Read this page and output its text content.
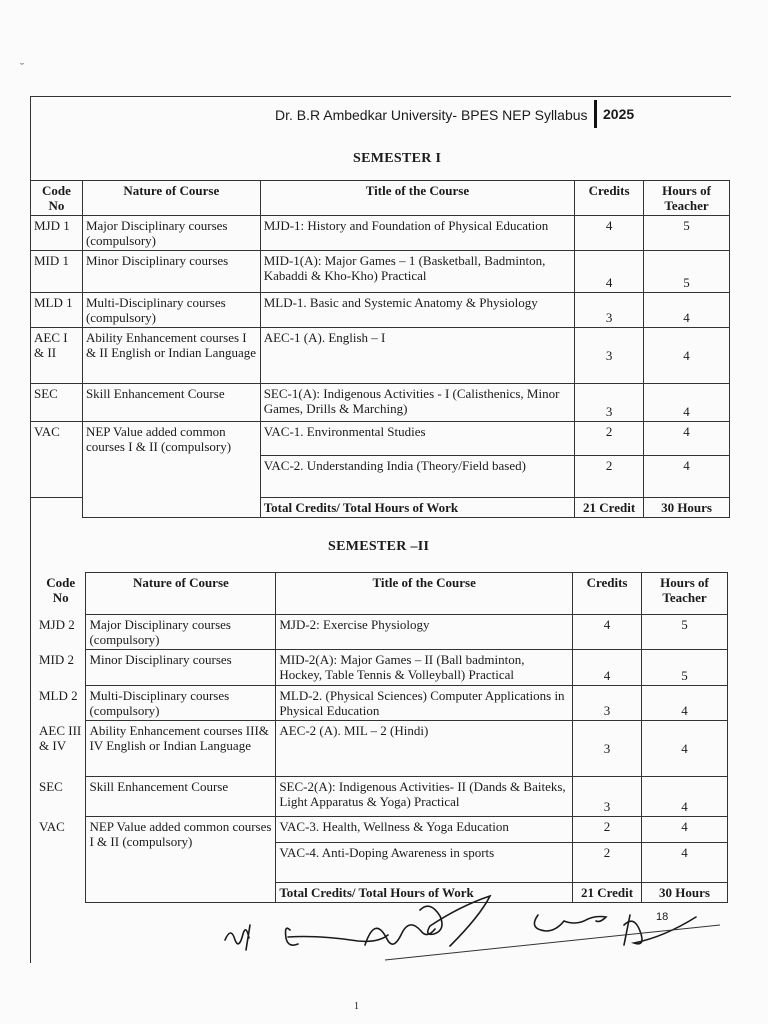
˘
Dr. B.R Ambedkar University- BPES NEP Syllabus 2025
SEMESTER I
Code No	Nature of Course	Title of the Course	Credits	Hours of Teacher
MJD 1	Major Disciplinary courses (compulsory)	MJD-1: History and Foundation of Physical Education	4	5
MID 1	Minor Disciplinary courses	MID-1(A): Major Games – 1 (Basketball, Badminton, Kabaddi & Kho-Kho) Practical	4	5
MLD 1	Multi-Disciplinary courses (compulsory)	MLD-1. Basic and Systemic Anatomy & Physiology	3	4
AEC I & II	Ability Enhancement courses I & II English or Indian Language	AEC-1 (A). English – I	3	4
SEC	Skill Enhancement Course	SEC-1(A): Indigenous Activities - I (Calisthenics, Minor Games, Drills & Marching)	3	4
VAC	NEP Value added common courses I & II (compulsory)	VAC-1. Environmental Studies	2	4
		VAC-2. Understanding India (Theory/Field based)	2	4
		Total Credits/ Total Hours of Work	21 Credit	30 Hours
SEMESTER –II
Code No	Nature of Course	Title of the Course	Credits	Hours of Teacher
MJD 2	Major Disciplinary courses (compulsory)	MJD-2: Exercise Physiology	4	5
MID 2	Minor Disciplinary courses	MID-2(A): Major Games – II (Ball badminton, Hockey, Table Tennis & Volleyball) Practical	4	5
MLD 2	Multi-Disciplinary courses (compulsory)	MLD-2. (Physical Sciences) Computer Applications in Physical Education	3	4
AEC III & IV	Ability Enhancement courses III& IV English or Indian Language	AEC-2 (A). MIL – 2 (Hindi)	3	4
SEC	Skill Enhancement Course	SEC-2(A): Indigenous Activities- II (Dands & Baiteks, Light Apparatus & Yoga) Practical	3	4
VAC	NEP Value added common courses I & II (compulsory)	VAC-3. Health, Wellness & Yoga Education	2	4
		VAC-4. Anti-Doping Awareness in sports	2	4
		Total Credits/ Total Hours of Work	21 Credit	30 Hours
18
1
